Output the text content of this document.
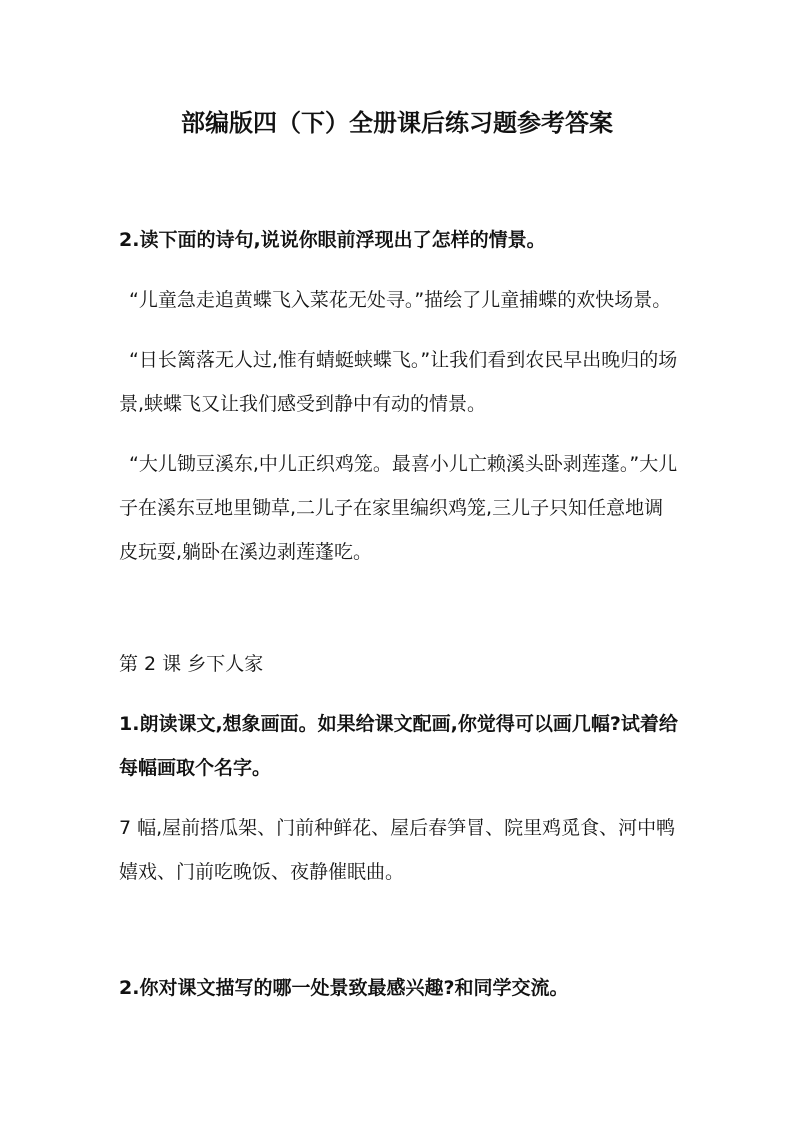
部编版四（下）全册课后练习题参考答案

2.读下面的诗句,说说你眼前浮现出了怎样的情景。

“儿童急走追黄蝶飞入菜花无处寻。”描绘了儿童捕蝶的欢快场景。

“日长篱落无人过,惟有蜻蜓蛱蝶飞。”让我们看到农民早出晚归的场景,蛱蝶飞又让我们感受到静中有动的情景。

“大儿锄豆溪东,中儿正织鸡笼。最喜小儿亡赖溪头卧剥莲蓬。”大儿子在溪东豆地里锄草,二儿子在家里编织鸡笼,三儿子只知任意地调皮玩耍,躺卧在溪边剥莲蓬吃。

第 2 课 乡下人家

1.朗读课文,想象画面。如果给课文配画,你觉得可以画几幅?试着给每幅画取个名字。

7 幅,屋前搭瓜架、门前种鲜花、屋后春笋冒、院里鸡觅食、河中鸭嬉戏、门前吃晚饭、夜静催眠曲。

2.你对课文描写的哪一处景致最感兴趣?和同学交流。
